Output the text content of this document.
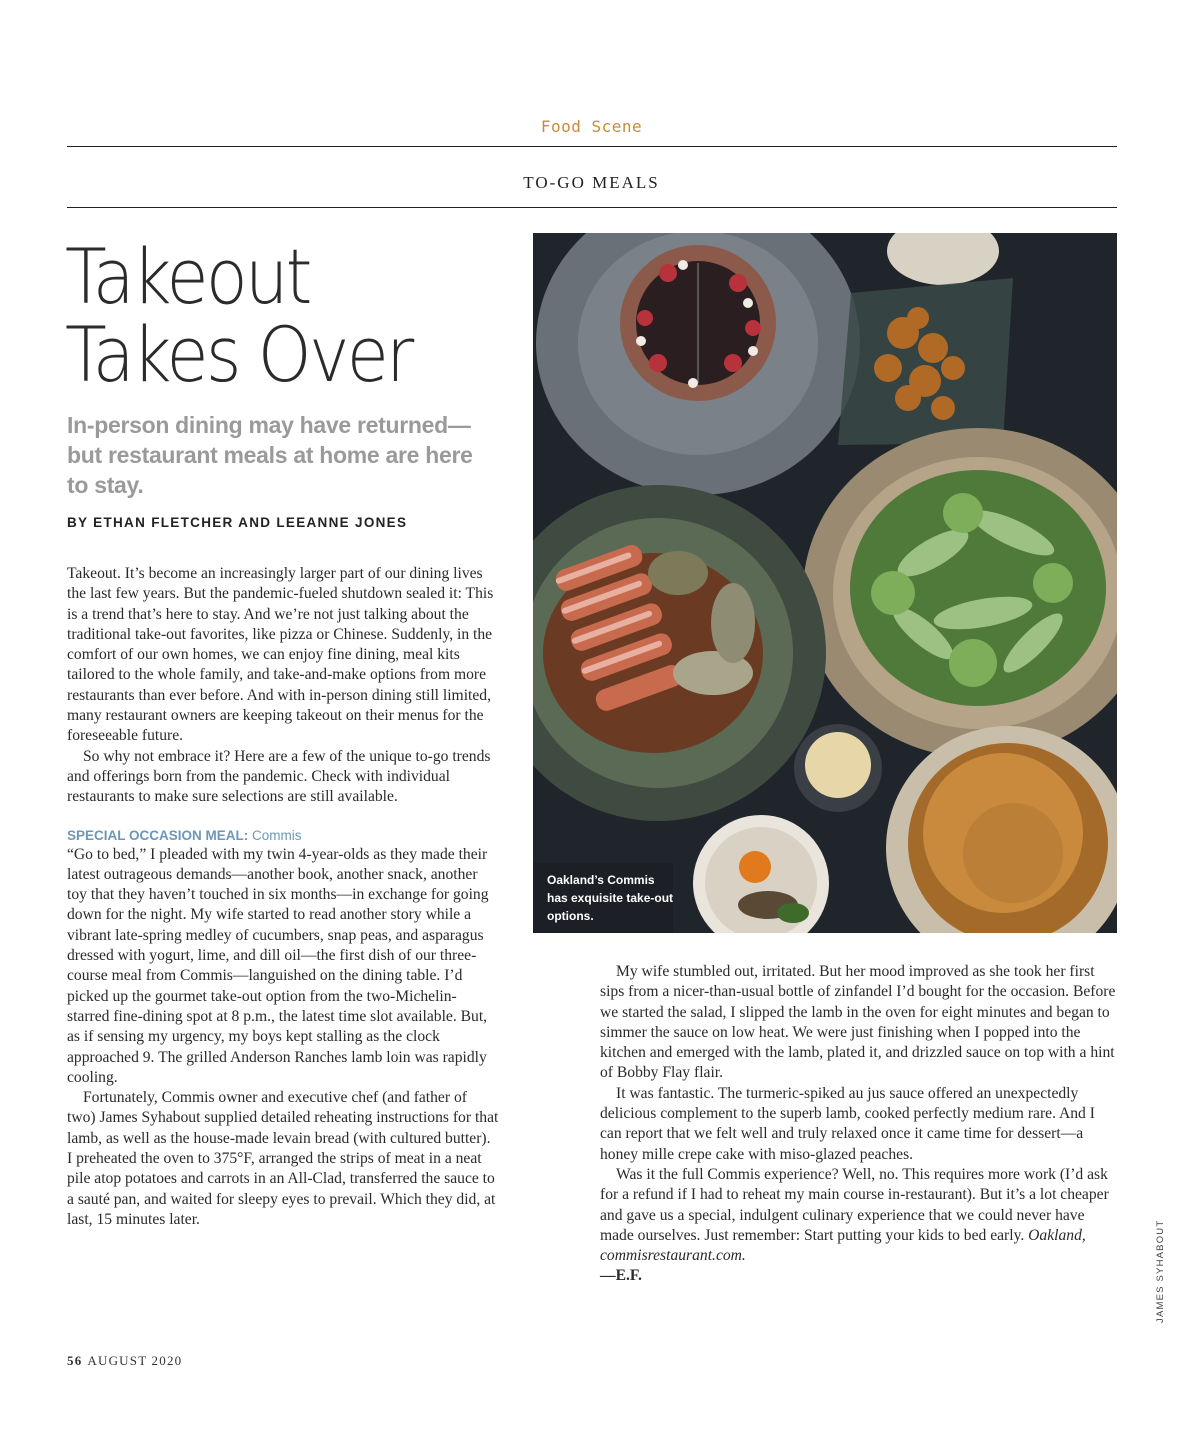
Food Scene
TO-GO MEALS
Takeout
Takes Over

In-person dining may have returned—but restaurant meals at home are here to stay.

BY ETHAN FLETCHER AND LEEANNE JONES

Takeout. It’s become an increasingly larger part of our dining lives the last few years. But the pandemic-fueled shutdown sealed it: This is a trend that’s here to stay. And we’re not just talking about the traditional take-out favorites, like pizza or Chinese. Suddenly, in the comfort of our own homes, we can enjoy fine dining, meal kits tailored to the whole family, and take-and-make options from more restaurants than ever before. And with in-person dining still limited, many restaurant owners are keeping takeout on their menus for the foreseeable future.

So why not embrace it? Here are a few of the unique to-go trends and offerings born from the pandemic. Check with individual restaurants to make sure selections are still available.

SPECIAL OCCASION MEAL: Commis

“Go to bed,” I pleaded with my twin 4-year-olds as they made their latest outrageous demands—another book, another snack, another toy that they haven’t touched in six months—in exchange for going down for the night. My wife started to read another story while a vibrant late-spring medley of cucumbers, snap peas, and asparagus dressed with yogurt, lime, and dill oil—the first dish of our three-course meal from Commis—languished on the dining table. I’d picked up the gourmet take-out option from the two-Michelin-starred fine-dining spot at 8 p.m., the latest time slot available. But, as if sensing my urgency, my boys kept stalling as the clock approached 9. The grilled Anderson Ranches lamb loin was rapidly cooling.

Fortunately, Commis owner and executive chef (and father of two) James Syhabout supplied detailed reheating instructions for that lamb, as well as the house-made levain bread (with cultured butter). I preheated the oven to 375°F, arranged the strips of meat in a neat pile atop potatoes and carrots in an All-Clad, transferred the sauce to a sauté pan, and waited for sleepy eyes to prevail. Which they did, at last, 15 minutes later.

Oakland’s Commis has exquisite take-out options.

My wife stumbled out, irritated. But her mood improved as she took her first sips from a nicer-than-usual bottle of zinfandel I’d bought for the occasion. Before we started the salad, I slipped the lamb in the oven for eight minutes and began to simmer the sauce on low heat. We were just finishing when I popped into the kitchen and emerged with the lamb, plated it, and drizzled sauce on top with a hint of Bobby Flay flair.

It was fantastic. The turmeric-spiked au jus sauce offered an unexpectedly delicious complement to the superb lamb, cooked perfectly medium rare. And I can report that we felt well and truly relaxed once it came time for dessert—a honey mille crepe cake with miso-glazed peaches.

Was it the full Commis experience? Well, no. This requires more work (I’d ask for a refund if I had to reheat my main course in-restaurant). But it’s a lot cheaper and gave us a special, indulgent culinary experience that we could never have made ourselves. Just remember: Start putting your kids to bed early. Oakland, commisrestaurant.com.
—E.F.	JAMES SYHABOUT
56 AUGUST 2020
